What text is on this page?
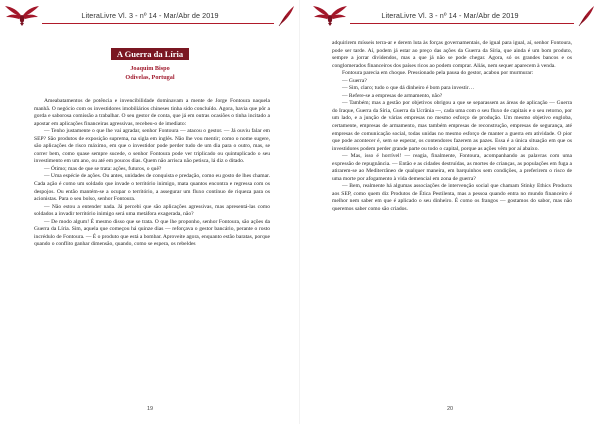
LiteraLivre Vl. 3 - nº 14 - Mar/Abr de 2019
A Guerra da Líria
Joaquim Bispo
Odivelas, Portugal

Ameabatamentos de potência e invencibilidade dominavam a mente de Jorge Fontoura naquela manhã. O negócio com os investidores imobiliários chineses tinha sido concluído. Agora, havia que pôr a gorda e saborosa comissão a trabalhar. O seu gestor de conta, que já em outras ocasiões o tinha incitado a apostar em aplicações financeiras agressivas, recebeu-o de imediato:

— Tenho justamente o que lhe vai agradar, senhor Fontoura — atacou o gestor. — Já ouviu falar em SEP? São produtos de exposição suprema, na sigla em inglês. Não lhe vou mentir; como o nome sugere, são aplicações de risco máximo, em que o investidor pode perder tudo de um dia para o outro, mas, se correr bem, como quase sempre sucede, o senhor Fontoura pode ver triplicado ou quintuplicado o seu investimento em um ano, ou até em poucos dias. Quem não arrisca não petisca, lá diz o ditado.

— Ótimo; mas de que se trata: ações, futuros, o quê?

— Uma espécie de ações. Ou antes, unidades de conquista e predação, como eu gosto de lhes chamar. Cada ação é como um soldado que invade o território inimigo, mata quantos encontra e regressa com os despojos. Ou então mantém-se a ocupar o território, a assegurar um fluxo contínuo de riqueza para os acionistas. Para o seu bolso, senhor Fontoura.

— Não estou a entender nada. Já percebi que são aplicações agressivas, mas apresentá-las como soldados a invadir território inimigo será uma metáfora exagerada, não?

— De modo algum! É mesmo disso que se trata. O que lhe proponho, senhor Fontoura, são ações da Guerra da Líria. Sim, aquela que começou há quinze dias — reforçava o gestor bancário, perante o rosto incrédulo de Fontoura. — É o produto que está a bombar. Aproveite agora, enquanto estão baratas, porque quando o conflito ganhar dimensão, quando, como se espera, os rebeldes

19
LiteraLivre Vl. 3 - nº 14 - Mar/Abr de 2019

adquirirem mísseis terra-ar e derem luta às forças governamentais, de igual para igual, aí, senhor Fontoura, pode ser tarde. Aí, podem já estar ao preço das ações da Guerra da Síria, que ainda é um bom produto, sempre a jorrar dividendos, mas a que já não se pode chegar. Agora, só os grandes bancos e os conglomerados financeiros dos países ricos ao podem comprar. Aliás, nem sequer aparecem à venda.

Fontoura parecia em choque. Pressionado pela pausa do gestor, acabou por murmurar:

— Guerra?

— Sim, claro; tudo o que dá dinheiro é bom para investir…

— Refere-se a empresas de armamento, não?

— Também; mas a gestão por objetivos obrigou a que se separassem as áreas de aplicação — Guerra do Iraque, Guerra da Síria, Guerra da Ucrânia —, cada uma com o seu fluxo de capitais e o seu retorno, por um lado, e a junção de várias empresas no mesmo esforço de produção. Um mesmo objetivo engloba, certamente, empresas de armamento, mas também empresas de reconstrução, empresas de segurança, até empresas de comunicação social, todas unidas no mesmo esforço de manter a guerra em atividade. O pior que pode acontecer é, sem se esperar, os contendores fazerem as pazes. Essa é a única situação em que os investidores podem perder grande parte ou todo o capital, porque as ações vêm por aí abaixo.

— Mas, isso é horrível! — reagia, finalmente, Fontoura, acompanhando as palavras com uma expressão de repugnância. — Então e as cidades destruídas, as mortes de crianças, as populações em fuga a atirarem-se ao Mediterrâneo de qualquer maneira, em barquinhos sem condições, a preferirem o risco de uma morte por afogamento à vida demencial em zona de guerra?

— Bem, realmente há algumas associações de intervenção social que chamam Stinky Ethics Products aos SEP, como quem diz Produtos de Ética Pestilenta, mas a pessoa quando entra no mundo financeiro é melhor nem saber em que é aplicado o seu dinheiro. É como os frangos — gostamos do sabor, mas não queremos saber como são criados.

20
